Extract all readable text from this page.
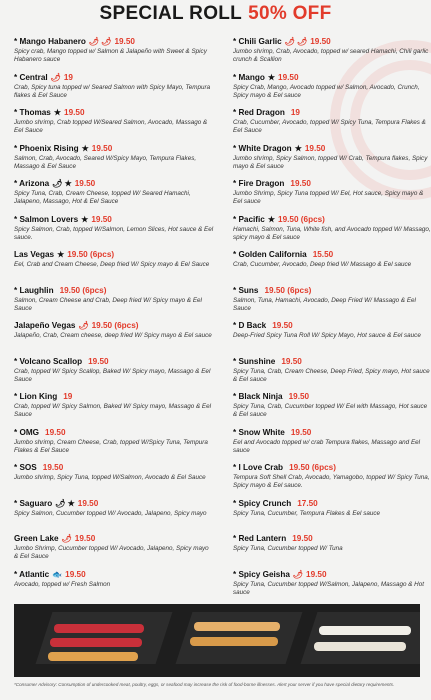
SPECIAL ROLL 50% OFF
* Mango Habanero 🌶 🌶 19.50
Spicy crab, Mango topped w/ Salmon & Jalapeño with Sweet & Spicy Habanero sauce
* Central 🌶 19
Crab, Spicy tuna topped w/ Seared Salmon with Spicy Mayo, Tempura flakes & Eel Sauce
* Thomas ★ 19.50
Jumbo shrimp, Crab topped W/Seared Salmon, Avocado, Massago & Eel Sauce
* Phoenix Rising ★ 19.50
Salmon, Crab, Avocado, Seared W/Spicy Mayo, Tempura Flakes, Massago & Eel Sauce
* Arizona 🌶 ★ 19.50
Spicy Tuna, Crab, Cream Cheese, topped W/ Seared Hamachi, Jalapeno, Massago, Hot & Eel Sauce
* Salmon Lovers ★ 19.50
Spicy Salmon, Crab, topped W/Salmon, Lemon Slices, Hot sauce & Eel sauce.
Las Vegas ★ 19.50 (6pcs)
Eel, Crab and Cream Cheese, Deep fried W/ Spicy mayo & Eel Sauce
* Laughlin 19.50 (6pcs)
Salmon, Cream Cheese and Crab, Deep fried W/ Spicy mayo & Eel Sauce
Jalapeño Vegas 🌶 19.50 (6pcs)
Jalapeño, Crab, Cream cheese, deep fried W/ Spicy mayo & Eel sauce
* Volcano Scallop 19.50
Crab, topped W/ Spicy Scallop, Baked W/ Spicy mayo, Massago & Eel Sauce
* Lion King 19
Crab, topped W/ Spicy Salmon, Baked W/ Spicy mayo, Massago & Eel Sauce
* OMG 19.50
Jumbo shrimp, Cream Cheese, Crab, topped W/Spicy Tuna, Tempura Flakes & Eel Sauce
* SOS 19.50
Jumbo shrimp, Spicy Tuna, topped W/Salmon, Avocado & Eel Sauce
* Saguaro 🌶 ★ 19.50
Spicy Salmon, Cucumber topped W/ Avocado, Jalapeno, Spicy mayo
Green Lake 🌶 19.50
Jumbo Shrimp, Cucumber topped W/ Avocado, Jalapeno, Spicy mayo & Eel Sauce
* Atlantic 🐟 19.50
Avocado, topped w/ Fresh Salmon
* Chili Garlic 🌶 🌶 19.50
Jumbo shrimp, Crab, Avocado, topped w/ seared Hamachi, Chili garlic crunch & Scallion
* Mango ★ 19.50
Spicy Crab, Mango, Avocado topped w/ Salmon, Avocado, Crunch, Spicy mayo & Eel sauce
* Red Dragon 19
Crab, Cucumber, Avocado, topped W/ Spicy Tuna, Tempura Flakes & Eel Sauce
* White Dragon ★ 19.50
Jumbo shrimp, Spicy Salmon, topped W/ Crab, Tempura flakes, Spicy mayo & Eel sauce
* Fire Dragon 19.50
Jumbo Shrimp, Spicy Tuna topped W/ Eel, Hot sauce, Spicy mayo & Eel sauce
* Pacific ★ 19.50 (6pcs)
Hamachi, Salmon, Tuna, White fish, and Avocado topped W/ Massago, spicy mayo & Eel sauce
* Golden California 15.50
Crab, Cucumber, Avocado, Deep fried W/ Massago & Eel sauce
* Suns 19.50 (6pcs)
Salmon, Tuna, Hamachi, Avocado, Deep Fried W/ Massago & Eel Sauce
* D Back 19.50
Deep-Fried Spicy Tuna Roll W/ Spicy Mayo, Hot sauce & Eel sauce
* Sunshine 19.50
Spicy Tuna, Crab, Cream Cheese, Deep Fried, Spicy mayo, Hot sauce & Eel sauce
* Black Ninja 19.50
Spicy Tuna, Crab, Cucumber topped W/ Eel with Massago, Hot sauce & Eel sauce
* Snow White 19.50
Eel and Avocado topped w/ crab Tempura flakes, Massago and Eel sauce
* I Love Crab 19.50 (6pcs)
Tempura Soft Shell Crab, Avocado, Yamagobo, topped W/ Spicy Tuna, Spicy mayo & Eel sauce.
* Spicy Crunch 17.50
Spicy Tuna, Cucumber, Tempura Flakes & Eel sauce
* Red Lantern 19.50
Spicy Tuna, Cucumber topped W/ Tuna
* Spicy Geisha 🌶 19.50
Spicy Tuna, Cucumber topped W/Salmon, Jalapeno, Massago & Hot sauce
*Consumer Advisory: Consumption of undercooked meat, poultry, eggs, or seafood may increase the risk of food-borne illnesses. Alert your server if you have special dietary requirements.
